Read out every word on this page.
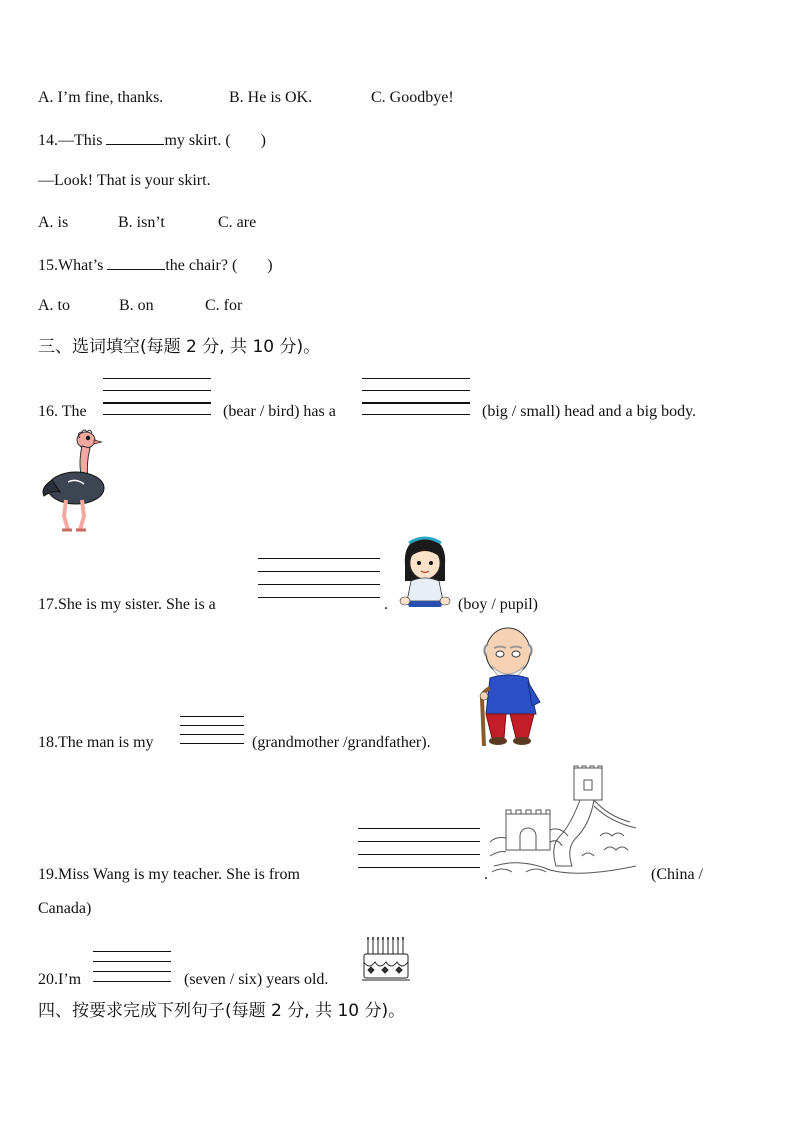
A. I’m fine, thanks.	B. He is OK.	C. Goodbye!
14.—This	my skirt. ( )
—Look! That is your skirt.
A. is	B. isn’t	C. are
15.What’s	the chair? ( )
A. to	B. on	C. for
三、选词填空(每题 2 分, 共 10 分)。
16. The	(bear / bird) has a	(big / small) head and a big body.
17.She is my sister. She is a	.	(boy / pupil)
18.The man is my	(grandmother /grandfather).
19.Miss Wang is my teacher. She is from	.	(China /
Canada)
20.I’m	(seven / six) years old.
四、按要求完成下列句子(每题 2 分, 共 10 分)。
